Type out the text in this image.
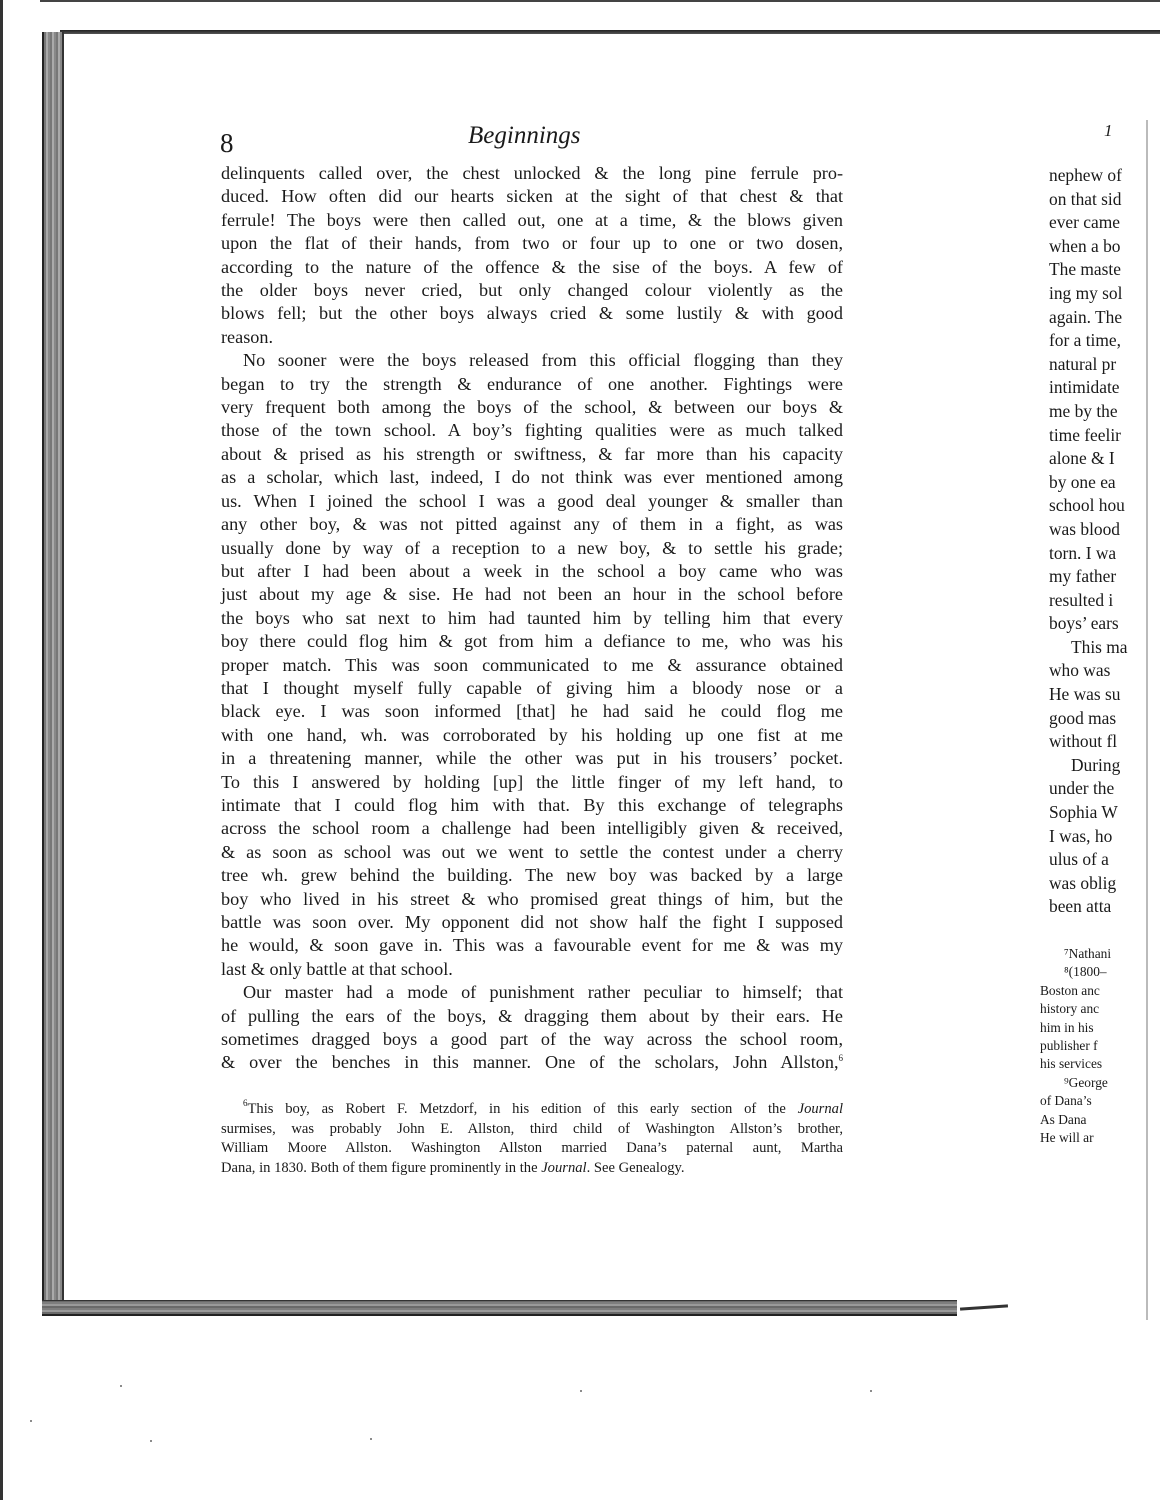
8	Beginnings

delinquents called over, the chest unlocked & the long pine ferrule pro-
duced. How often did our hearts sicken at the sight of that chest & that
ferrule! The boys were then called out, one at a time, & the blows given
upon the flat of their hands, from two or four up to one or two dosen,
according to the nature of the offence & the sise of the boys. A few of
the older boys never cried, but only changed colour violently as the
blows fell; but the other boys always cried & some lustily & with good
reason.

No sooner were the boys released from this official flogging than they
began to try the strength & endurance of one another. Fightings were
very frequent both among the boys of the school, & between our boys &
those of the town school. A boy’s fighting qualities were as much talked
about & prised as his strength or swiftness, & far more than his capacity
as a scholar, which last, indeed, I do not think was ever mentioned among
us. When I joined the school I was a good deal younger & smaller than
any other boy, & was not pitted against any of them in a fight, as was
usually done by way of a reception to a new boy, & to settle his grade;
but after I had been about a week in the school a boy came who was
just about my age & sise. He had not been an hour in the school before
the boys who sat next to him had taunted him by telling him that every
boy there could flog him & got from him a defiance to me, who was his
proper match. This was soon communicated to me & assurance obtained
that I thought myself fully capable of giving him a bloody nose or a
black eye. I was soon informed [that] he had said he could flog me
with one hand, wh. was corroborated by his holding up one fist at me
in a threatening manner, while the other was put in his trousers’ pocket.
To this I answered by holding [up] the little finger of my left hand, to
intimate that I could flog him with that. By this exchange of telegraphs
across the school room a challenge had been intelligibly given & received,
& as soon as school was out we went to settle the contest under a cherry
tree wh. grew behind the building. The new boy was backed by a large
boy who lived in his street & who promised great things of him, but the
battle was soon over. My opponent did not show half the fight I supposed
he would, & soon gave in. This was a favourable event for me & was my
last & only battle at that school.

Our master had a mode of punishment rather peculiar to himself; that
of pulling the ears of the boys, & dragging them about by their ears. He
sometimes dragged boys a good part of the way across the school room,
& over the benches in this manner. One of the scholars, John Allston,$^6$

$^6$This boy, as Robert F. Metzdorf, in his edition of this early section of the Journal
surmises, was probably John E. Allston, third child of Washington Allston’s brother,
William Moore Allston. Washington Allston married Dana’s paternal aunt, Martha
Dana, in 1830. Both of them figure prominently in the Journal. See Genealogy.
1
nephew of
on that sid
ever came
when a bo
The maste
ing my sol
again. The
for a time,
natural pr
intimidate
me by the
time feelir
alone & I
by one ea
school hou
was blood
torn. I wa
my father
resulted i
boys’ ears
This ma
who was
He was su
good mas
without fl
During
under the
Sophia W
I was, ho
ulus of a
was oblig
been atta
⁷Nathani
⁸(1800–
Boston anc
history anc
him in his
publisher f
his services
⁹George
of Dana’s
As Dana
He will ar
